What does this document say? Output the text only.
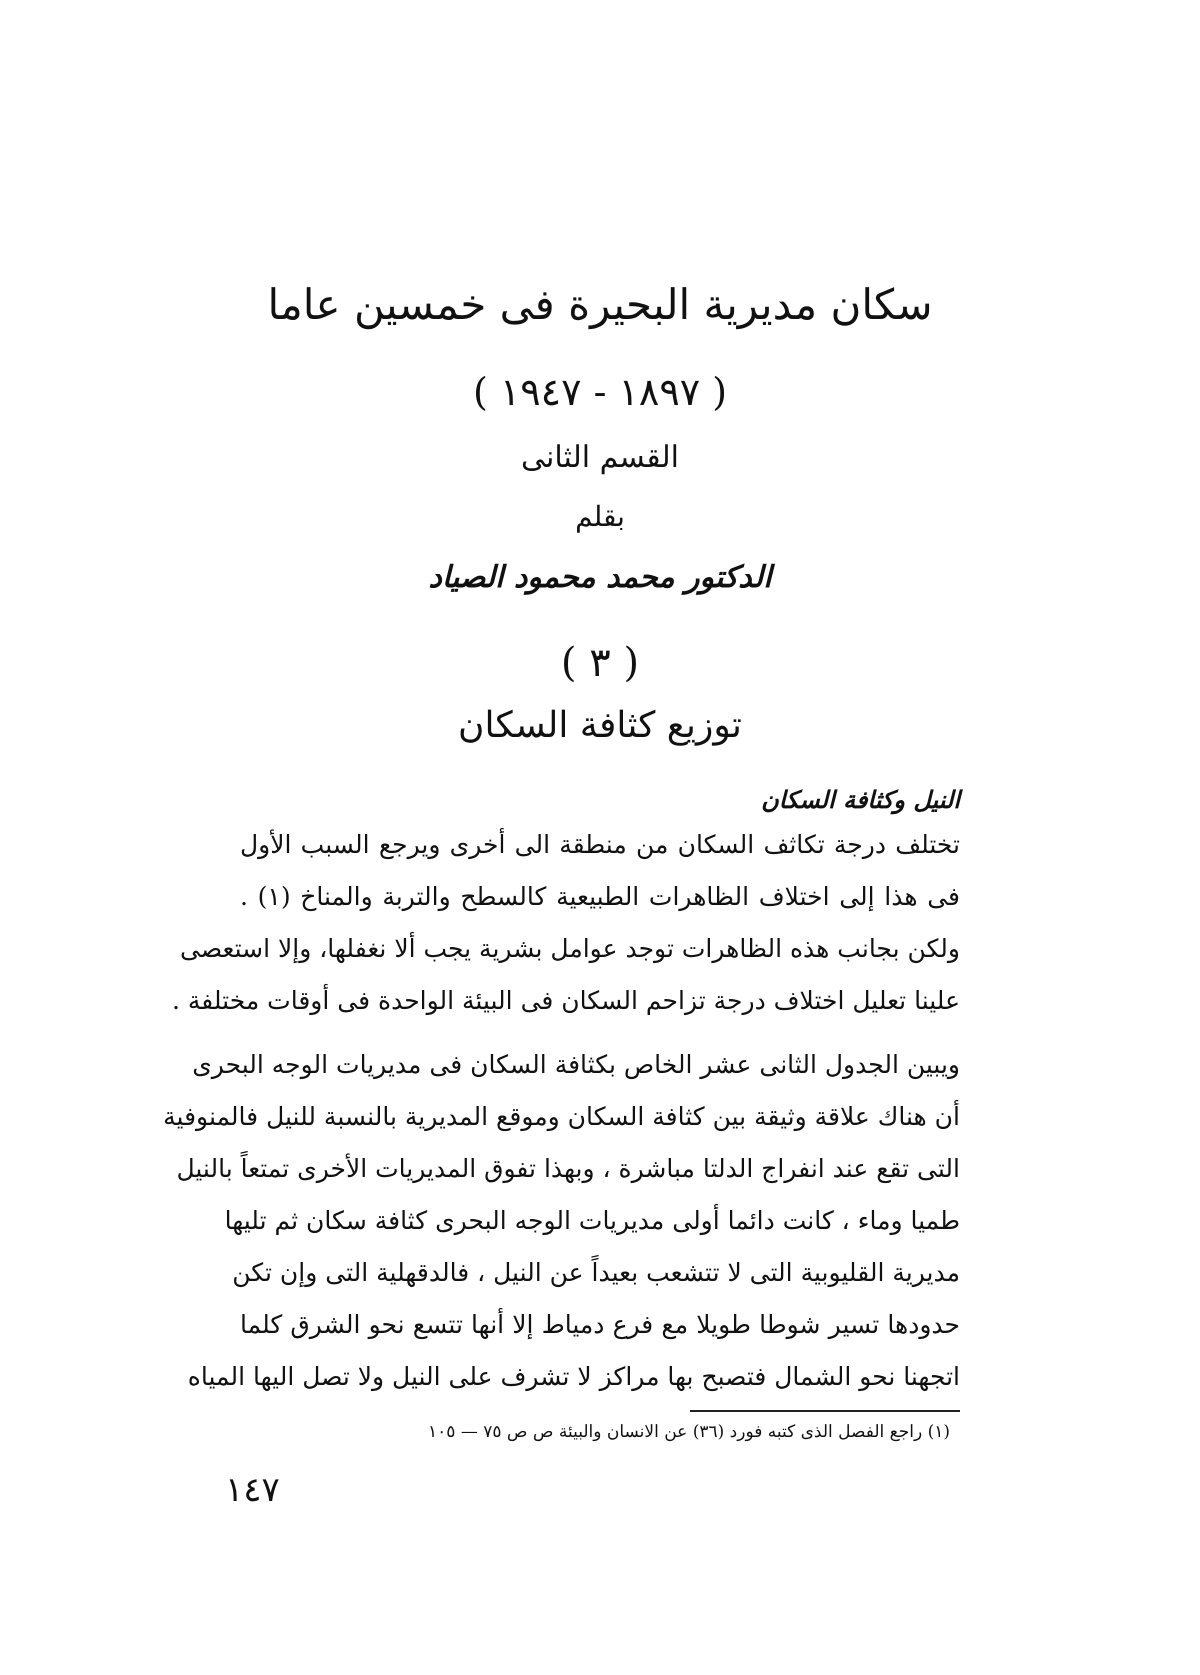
سكان مديرية البحيرة فى خمسين عاما
( ١٨٩٧ - ١٩٤٧ )
القسم الثانى
بقلم
الدكتور محمد محمود الصياد
( ٣ )
توزيع كثافة السكان
النيل وكثافة السكان
تختلف درجة تكاثف السكان من منطقة الى أخرى ويرجع السبب الأول
فى هذا إلى اختلاف الظاهرات الطبيعية كالسطح والتربة والمناخ (١) .
ولكن بجانب هذه الظاهرات توجد عوامل بشرية يجب ألا نغفلها، وإلا استعصى
علينا تعليل اختلاف درجة تزاحم السكان فى البيئة الواحدة فى أوقات مختلفة .
ويبين الجدول الثانى عشر الخاص بكثافة السكان فى مديريات الوجه البحرى
أن هناك علاقة وثيقة بين كثافة السكان وموقع المديرية بالنسبة للنيل فالمنوفية
التى تقع عند انفراج الدلتا مباشرة ، وبهذا تفوق المديريات الأخرى تمتعاً بالنيل
طميا وماء ، كانت دائما أولى مديريات الوجه البحرى كثافة سكان ثم تليها
مديرية القليوبية التى لا تتشعب بعيداً عن النيل ، فالدقهلية التى وإن تكن
حدودها تسير شوطا طويلا مع فرع دمياط إلا أنها تتسع نحو الشرق كلما
اتجهنا نحو الشمال فتصبح بها مراكز لا تشرف على النيل ولا تصل اليها المياه
(١) راجع الفصل الذى كتبه فورد (٣٦) عن الانسان والبيئة ص ص ٧٥ — ١٠٥
١٤٧
